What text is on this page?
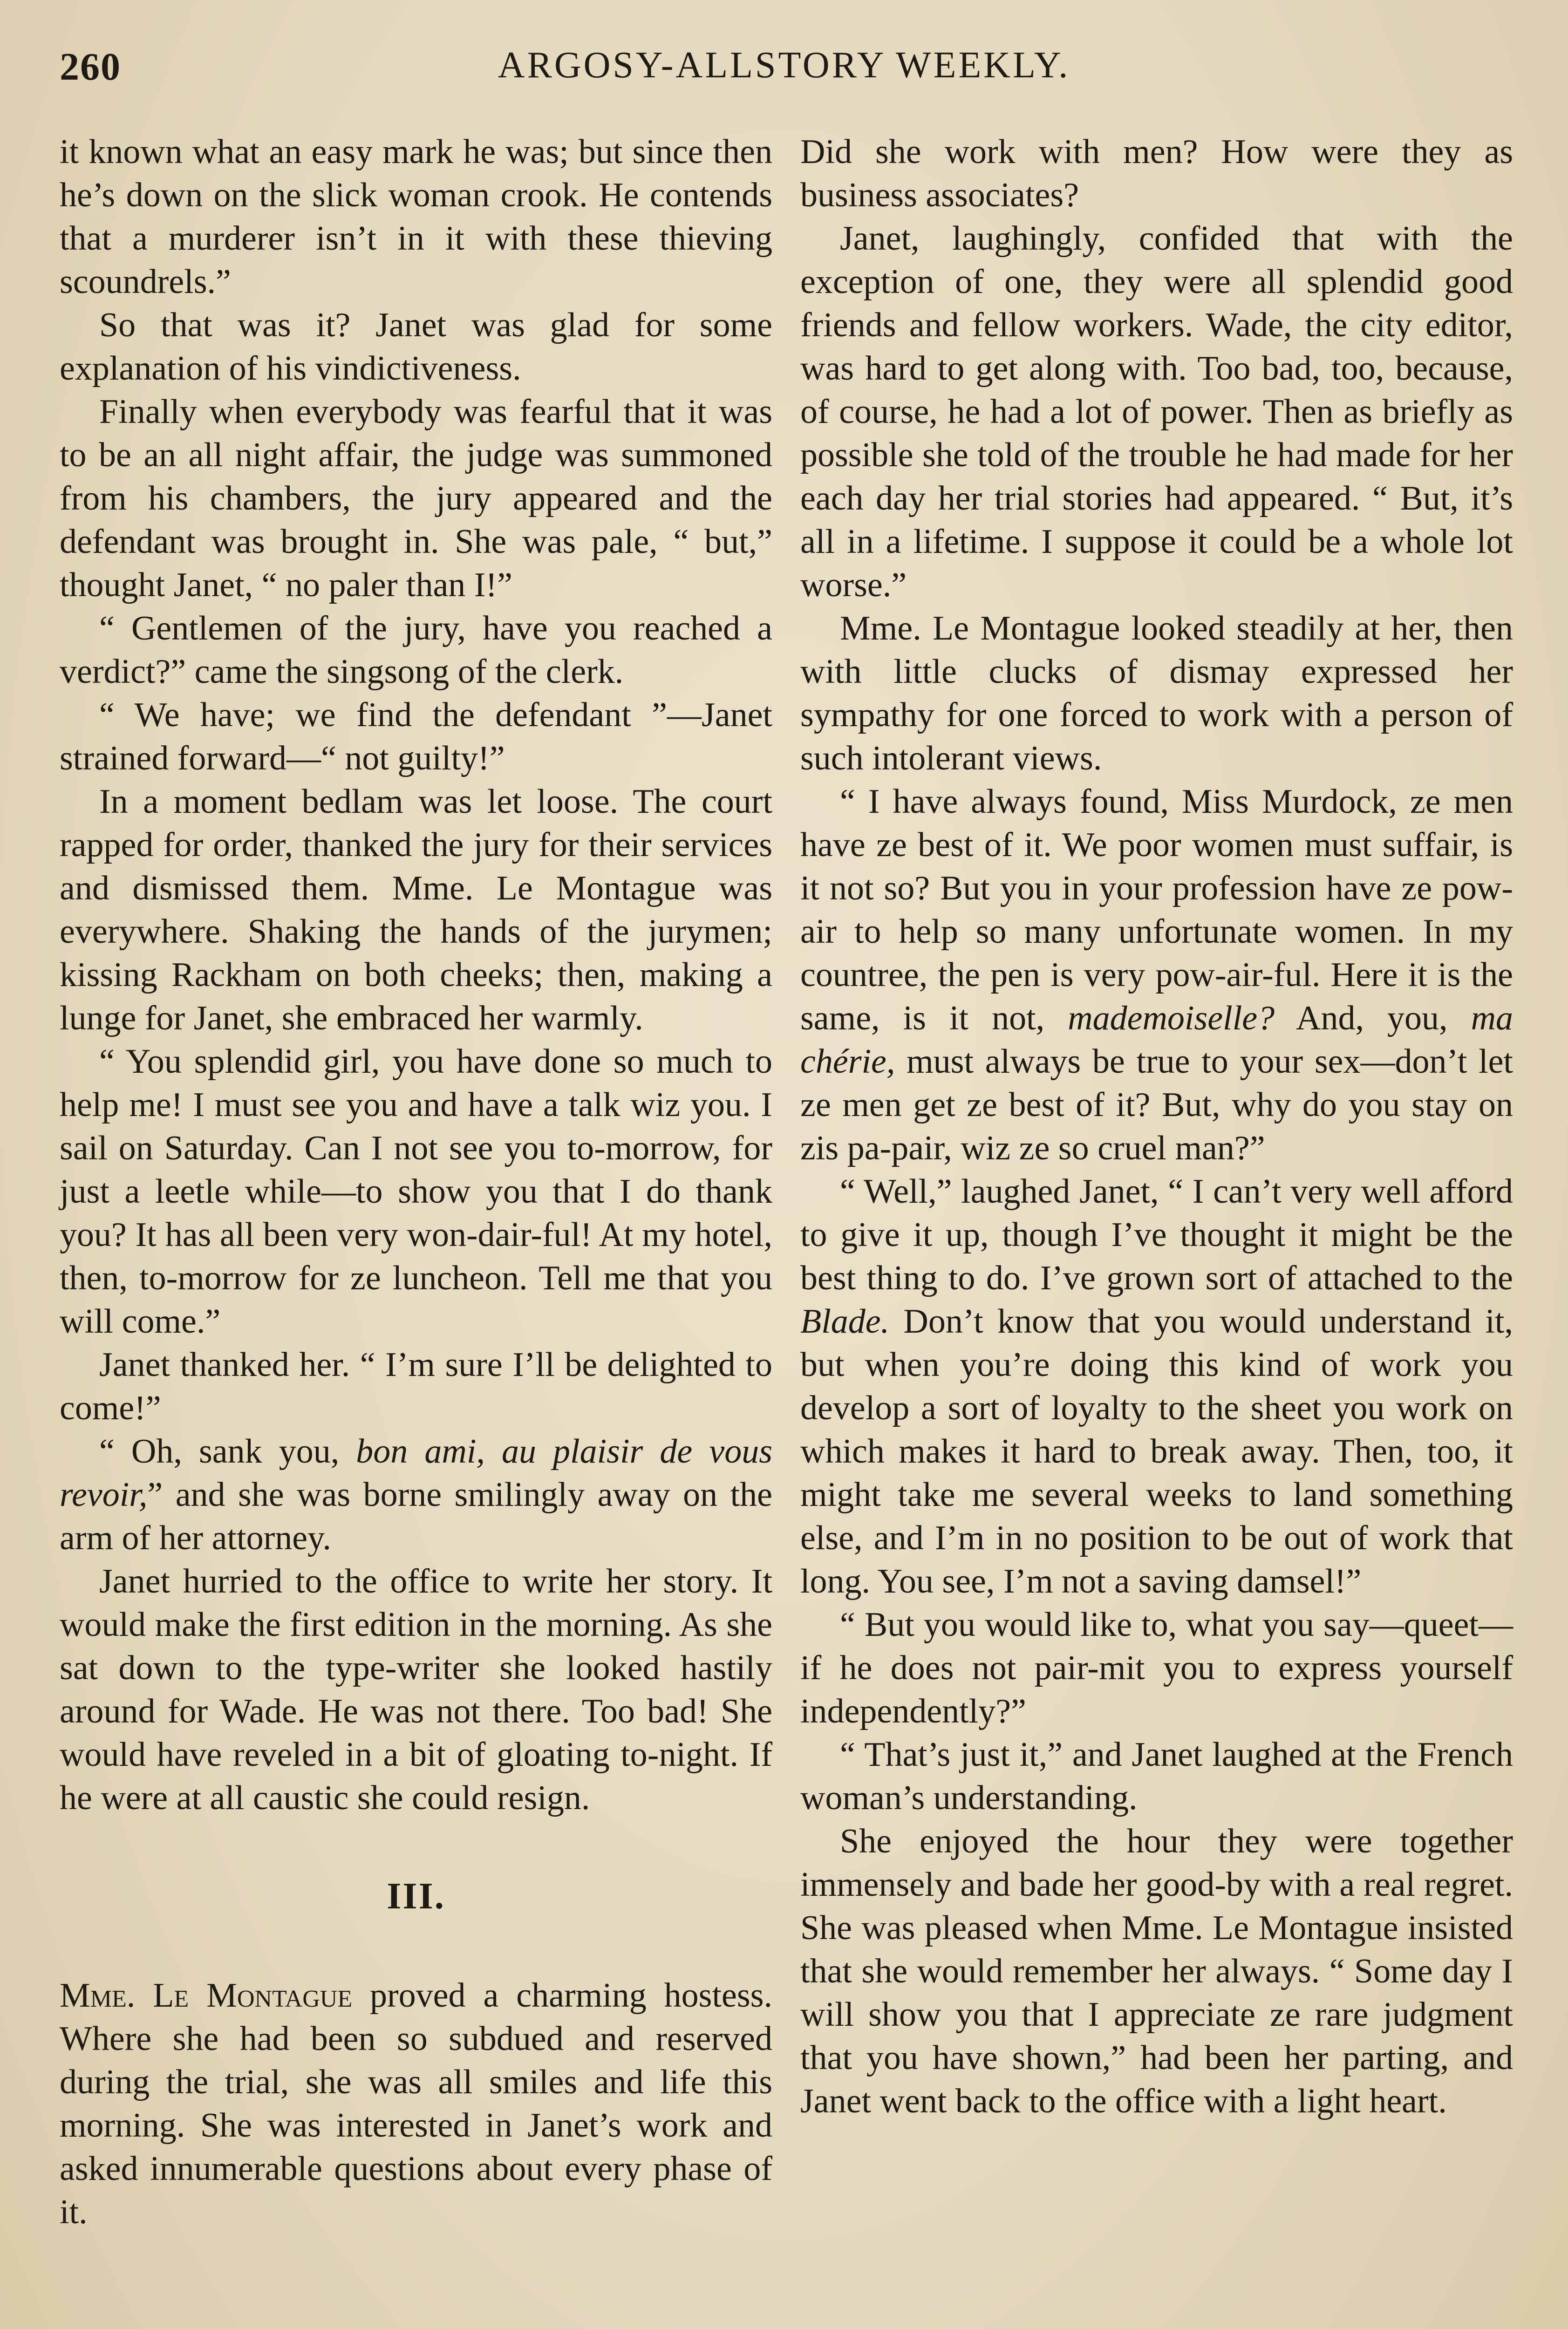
260	ARGOSY-ALLSTORY WEEKLY.

it known what an easy mark he was; but since then he’s down on the slick woman crook. He contends that a murderer isn’t in it with these thieving scoundrels.”

So that was it? Janet was glad for some explanation of his vindictiveness.

Finally when everybody was fearful that it was to be an all night affair, the judge was summoned from his chambers, the jury appeared and the defendant was brought in. She was pale, “ but,” thought Janet, “ no paler than I!”

“ Gentlemen of the jury, have you reached a verdict?” came the singsong of the clerk.

“ We have; we find the defendant ”—Janet strained forward—“ not guilty!”

In a moment bedlam was let loose. The court rapped for order, thanked the jury for their services and dismissed them. Mme. Le Montague was everywhere. Shaking the hands of the jurymen; kissing Rackham on both cheeks; then, making a lunge for Janet, she embraced her warmly.

“ You splendid girl, you have done so much to help me! I must see you and have a talk wiz you. I sail on Saturday. Can I not see you to-morrow, for just a leetle while—to show you that I do thank you? It has all been very won-dair-ful! At my hotel, then, to-morrow for ze luncheon. Tell me that you will come.”

Janet thanked her. “ I’m sure I’ll be delighted to come!”

“ Oh, sank you, bon ami, au plaisir de vous revoir,” and she was borne smilingly away on the arm of her attorney.

Janet hurried to the office to write her story. It would make the first edition in the morning. As she sat down to the type-writer she looked hastily around for Wade. He was not there. Too bad! She would have reveled in a bit of gloating to-night. If he were at all caustic she could resign.

III.

Mme. Le Montague proved a charming hostess. Where she had been so subdued and reserved during the trial, she was all smiles and life this morning. She was interested in Janet’s work and asked innumerable questions about every phase of it.

Did she work with men? How were they as business associates?

Janet, laughingly, confided that with the exception of one, they were all splendid good friends and fellow workers. Wade, the city editor, was hard to get along with. Too bad, too, because, of course, he had a lot of power. Then as briefly as possible she told of the trouble he had made for her each day her trial stories had appeared. “ But, it’s all in a lifetime. I suppose it could be a whole lot worse.”

Mme. Le Montague looked steadily at her, then with little clucks of dismay expressed her sympathy for one forced to work with a person of such intolerant views.

“ I have always found, Miss Murdock, ze men have ze best of it. We poor women must suffair, is it not so? But you in your profession have ze pow-air to help so many unfortunate women. In my countree, the pen is very pow-air-ful. Here it is the same, is it not, mademoiselle? And, you, ma chérie, must always be true to your sex—don’t let ze men get ze best of it? But, why do you stay on zis pa-pair, wiz ze so cruel man?”

“ Well,” laughed Janet, “ I can’t very well afford to give it up, though I’ve thought it might be the best thing to do. I’ve grown sort of attached to the Blade. Don’t know that you would understand it, but when you’re doing this kind of work you develop a sort of loyalty to the sheet you work on which makes it hard to break away. Then, too, it might take me several weeks to land something else, and I’m in no position to be out of work that long. You see, I’m not a saving damsel!”

“ But you would like to, what you say—queet—if he does not pair-mit you to express yourself independently?”

“ That’s just it,” and Janet laughed at the French woman’s understanding.

She enjoyed the hour they were together immensely and bade her good-by with a real regret. She was pleased when Mme. Le Montague insisted that she would remember her always. “ Some day I will show you that I appreciate ze rare judgment that you have shown,” had been her parting, and Janet went back to the office with a light heart.
